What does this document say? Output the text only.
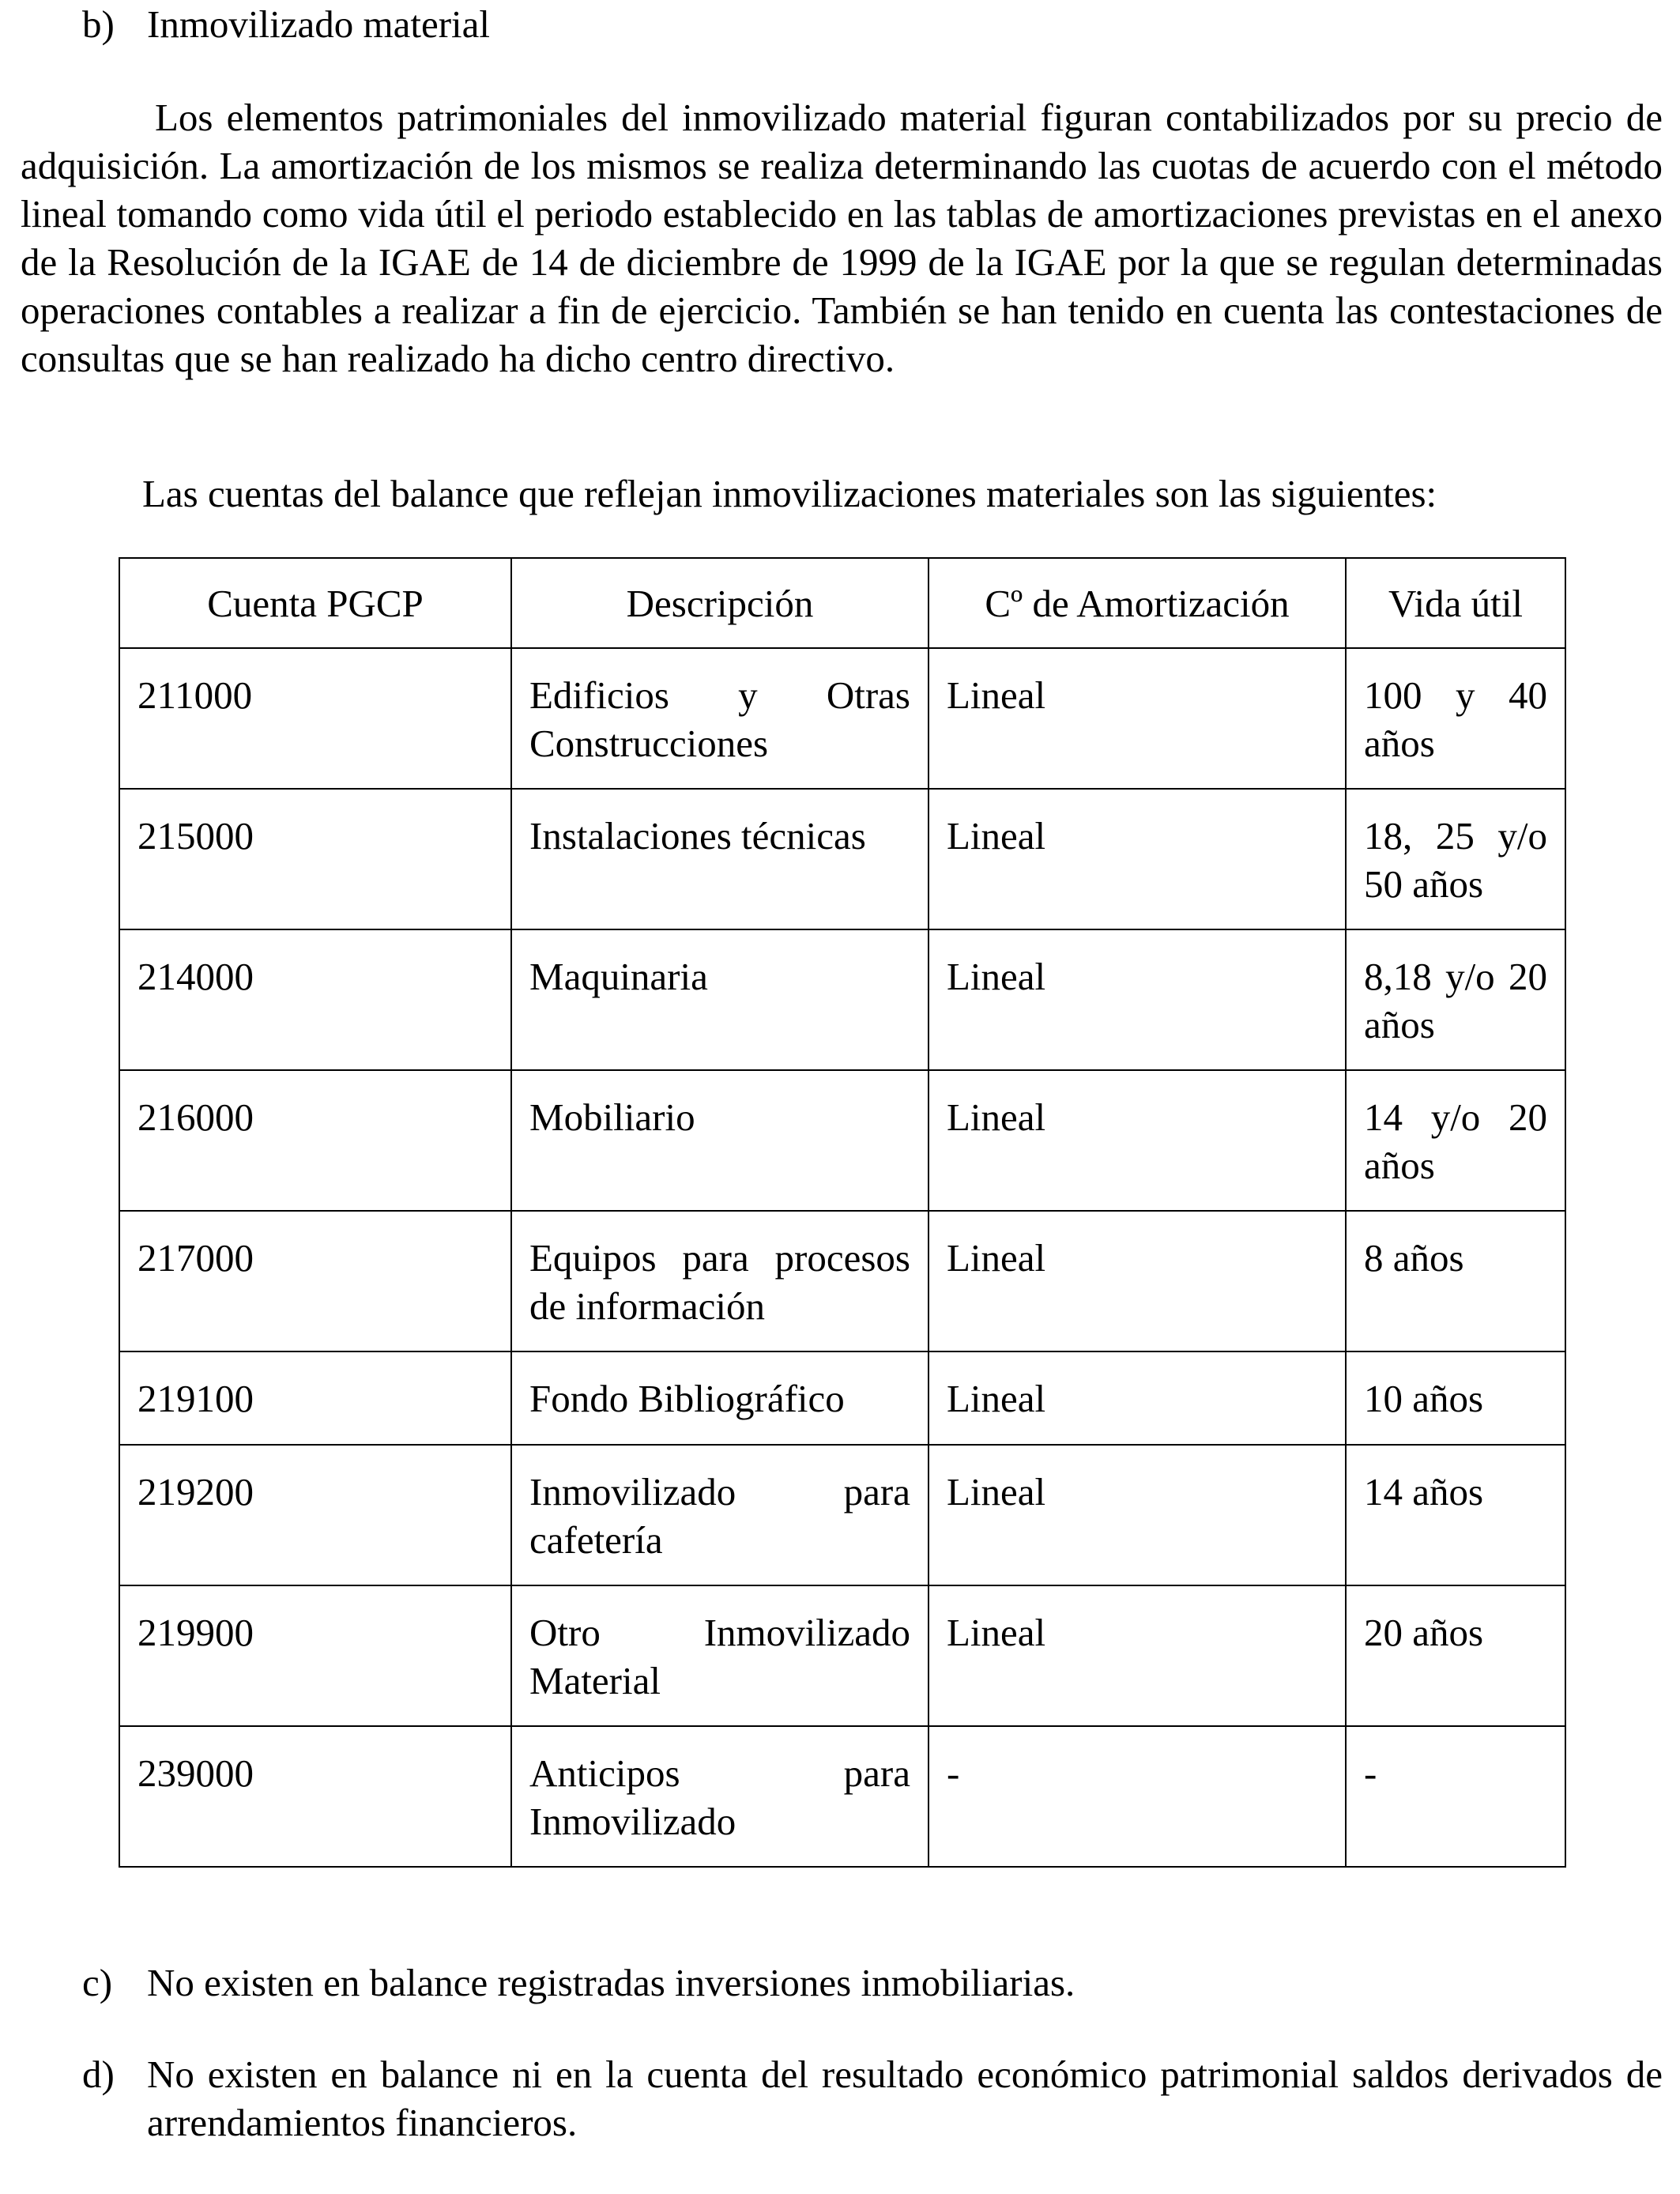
b) Inmovilizado material

Los elementos patrimoniales del inmovilizado material figuran contabilizados por su precio de adquisición. La amortización de los mismos se realiza determinando las cuotas de acuerdo con el método lineal tomando como vida útil el periodo establecido en las tablas de amortizaciones previstas en el anexo de la Resolución de la IGAE de 14 de diciembre de 1999 de la IGAE por la que se regulan determinadas operaciones contables a realizar a fin de ejercicio. También se han tenido en cuenta las contestaciones de consultas que se han realizado ha dicho centro directivo.

Las cuentas del balance que reflejan inmovilizaciones materiales son las siguientes:

Cuenta PGCP	Descripción	Cº de Amortización	Vida útil
211000	Edificios y Otras Construcciones	Lineal	100 y 40 años
215000	Instalaciones técnicas	Lineal	18, 25 y/o 50 años
214000	Maquinaria	Lineal	8,18 y/o 20 años
216000	Mobiliario	Lineal	14 y/o 20 años
217000	Equipos para procesos de información	Lineal	8 años
219100	Fondo Bibliográfico	Lineal	10 años
219200	Inmovilizado para cafetería	Lineal	14 años
219900	Otro Inmovilizado Material	Lineal	20 años
239000	Anticipos para Inmovilizado	-	-
c) No existen en balance registradas inversiones inmobiliarias.
d) No existen en balance ni en la cuenta del resultado económico patrimonial saldos derivados de arrendamientos financieros.
